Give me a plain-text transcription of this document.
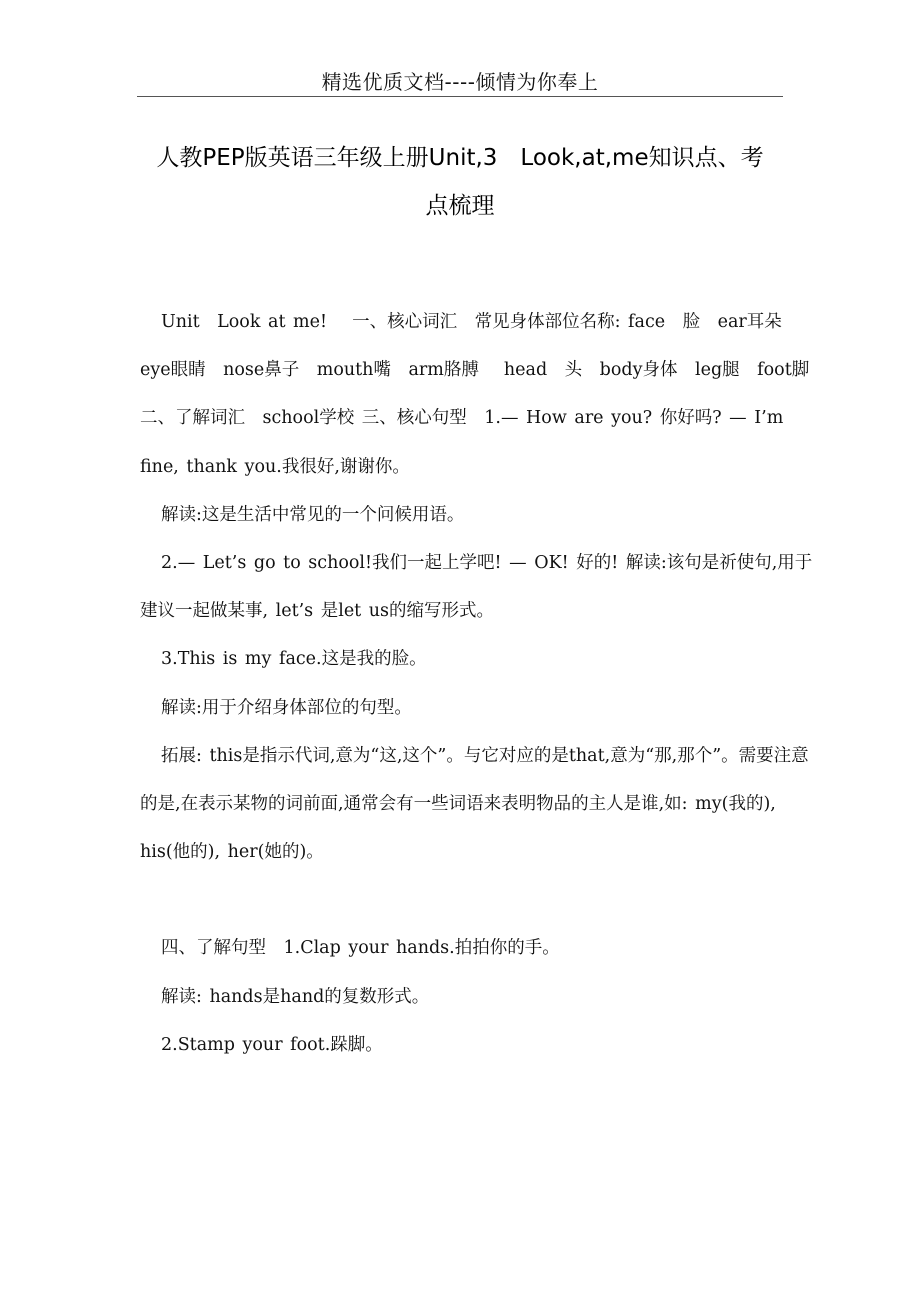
精选优质文档----倾情为你奉上
人教PEP版英语三年级上册Unit,3　Look,at,me知识点、考
点梳理

Unit　Look at me!　 一、核心词汇　常见身体部位名称: face　脸　ear耳朵　eye眼睛　nose鼻子　mouth嘴　arm胳膊　 head　头　body身体　leg腿　foot脚　二、了解词汇　school学校 三、核心句型　1.— How are you? 你好吗? — I’m fine, thank you.我很好,谢谢你。

解读:这是生活中常见的一个问候用语。

2.— Let’s go to school!我们一起上学吧! — OK! 好的! 解读:该句是祈使句,用于建议一起做某事, let’s 是let us的缩写形式。

3.This is my face.这是我的脸。

解读:用于介绍身体部位的句型。

拓展: this是指示代词,意为“这,这个”。与它对应的是that,意为“那,那个”。需要注意的是,在表示某物的词前面,通常会有一些词语来表明物品的主人是谁,如: my(我的), his(他的), her(她的)。

四、了解句型　1.Clap your hands.拍拍你的手。

解读: hands是hand的复数形式。

2.Stamp your foot.跺脚。
